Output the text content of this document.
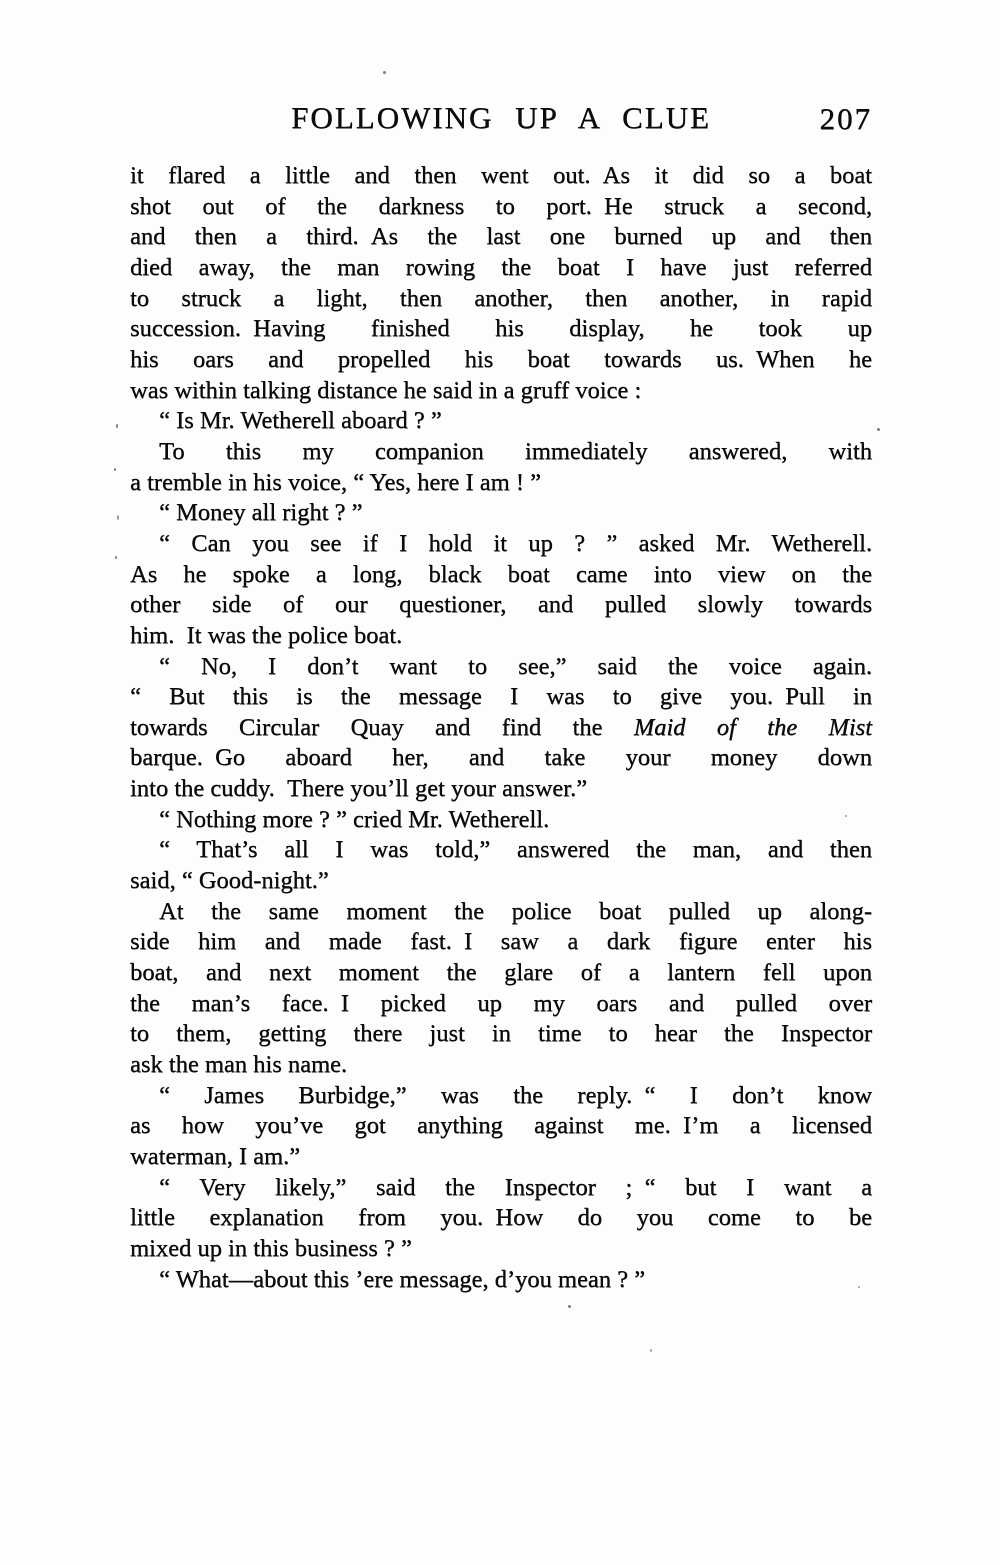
FOLLOWING UP A CLUE	207
it flared a little and then went out. As it did so a boat
shot out of the darkness to port. He struck a second,
and then a third. As the last one burned up and then
died away, the man rowing the boat I have just referred
to struck a light, then another, then another, in rapid
succession. Having finished his display, he took up
his oars and propelled his boat towards us. When he
was within talking distance he said in a gruff voice :
“ Is Mr. Wetherell aboard ? ”
To this my companion immediately answered, with
a tremble in his voice, “ Yes, here I am ! ”
“ Money all right ? ”
“ Can you see if I hold it up ? ” asked Mr. Wetherell.
As he spoke a long, black boat came into view on the
other side of our questioner, and pulled slowly towards
him. It was the police boat.
“ No, I don’t want to see,” said the voice again.
“ But this is the message I was to give you. Pull in
towards Circular Quay and find the Maid of the Mist
barque. Go aboard her, and take your money down
into the cuddy. There you’ll get your answer.”
“ Nothing more ? ” cried Mr. Wetherell.
“ That’s all I was told,” answered the man, and then
said, “ Good-night.”
At the same moment the police boat pulled up along-
side him and made fast. I saw a dark figure enter his
boat, and next moment the glare of a lantern fell upon
the man’s face. I picked up my oars and pulled over
to them, getting there just in time to hear the Inspector
ask the man his name.
“ James Burbidge,” was the reply. “ I don’t know
as how you’ve got anything against me. I’m a licensed
waterman, I am.”
“ Very likely,” said the Inspector ; “ but I want a
little explanation from you. How do you come to be
mixed up in this business ? ”
“ What—about this ’ere message, d’you mean ? ”
